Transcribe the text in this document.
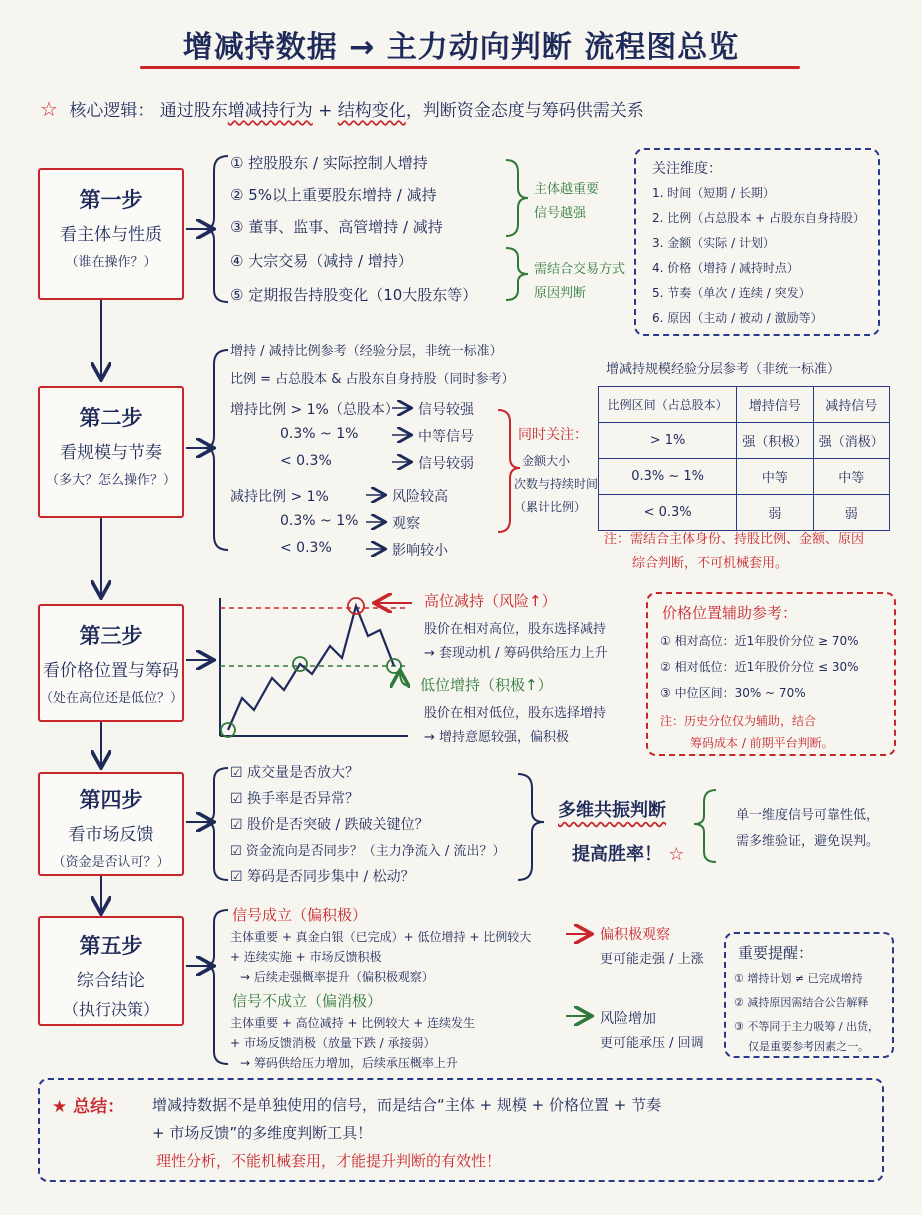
增减持数据 → 主力动向判断 流程图总览
☆ 核心逻辑： 通过股东增减持行为 + 结构变化，判断资金态度与筹码供需关系
第一步
看主体与性质
（谁在操作？）
第二步
看规模与节奏
（多大？怎么操作？）
第三步
看价格位置与筹码
（处在高位还是低位？）
第四步
看市场反馈
（资金是否认可？）
第五步
综合结论
（执行决策）
① 控股股东 / 实际控制人增持
② 5%以上重要股东增持 / 减持
③ 董事、监事、高管增持 / 减持
④ 大宗交易（减持 / 增持）
⑤ 定期报告持股变化（10大股东等）
主体越重要
信号越强
需结合交易方式
原因判断
关注维度：
1. 时间（短期 / 长期）
2. 比例（占总股本 + 占股东自身持股）
3. 金额（实际 / 计划）
4. 价格（增持 / 减持时点）
5. 节奏（单次 / 连续 / 突发）
6. 原因（主动 / 被动 / 激励等）
增持 / 减持比例参考（经验分层，非统一标准）
比例 = 占总股本 & 占股东自身持股（同时参考）
增持比例 > 1%（总股本） 信号较强
0.3% ~ 1%	中等信号
< 0.3%	信号较弱
减持比例 > 1%	风险较高
0.3% ~ 1% 观察
< 0.3%	影响较小
同时关注：
金额大小
次数与持续时间
（累计比例）
增减持规模经验分层参考（非统一标准）
比例区间（占总股本）	增持信号	减持信号
> 1%	强（积极）	强（消极）
0.3% ~ 1%	中等	中等
< 0.3%	弱	弱
注：需结合主体身份、持股比例、金额、原因
综合判断，不可机械套用。
高位减持（风险↑）
股价在相对高位，股东选择减持
→ 套现动机 / 筹码供给压力上升
低位增持（积极↑）
股价在相对低位，股东选择增持
→ 增持意愿较强，偏积极
价格位置辅助参考：
① 相对高位：近1年股价分位 ≥ 70%
② 相对低位：近1年股价分位 ≤ 30%
③ 中位区间：30% ~ 70%
注：历史分位仅为辅助，结合
筹码成本 / 前期平台判断。
☑ 成交量是否放大？
☑ 换手率是否异常？
☑ 股价是否突破 / 跌破关键位？
☑ 资金流向是否同步？（主力净流入 / 流出？）
☑ 筹码是否同步集中 / 松动？
多维共振判断
提高胜率！ ☆
单一维度信号可靠性低，
需多维验证，避免误判。
信号成立（偏积极）
主体重要 + 真金白银（已完成）+ 低位增持 + 比例较大
+ 连续实施 + 市场反馈积极
→ 后续走强概率提升（偏积极观察）
偏积极观察
更可能走强 / 上涨
信号不成立（偏消极）
主体重要 + 高位减持 + 比例较大 + 连续发生
+ 市场反馈消极（放量下跌 / 承接弱）
→ 筹码供给压力增加，后续承压概率上升
风险增加
更可能承压 / 回调
重要提醒：
① 增持计划 ≠ 已完成增持
② 减持原因需结合公告解释
③ 不等同于主力吸筹 / 出货，
仅是重要参考因素之一。
★ 总结： 增减持数据不是单独使用的信号，而是结合“主体 + 规模 + 价格位置 + 节奏
+ 市场反馈”的多维度判断工具！
理性分析，不能机械套用，才能提升判断的有效性！
